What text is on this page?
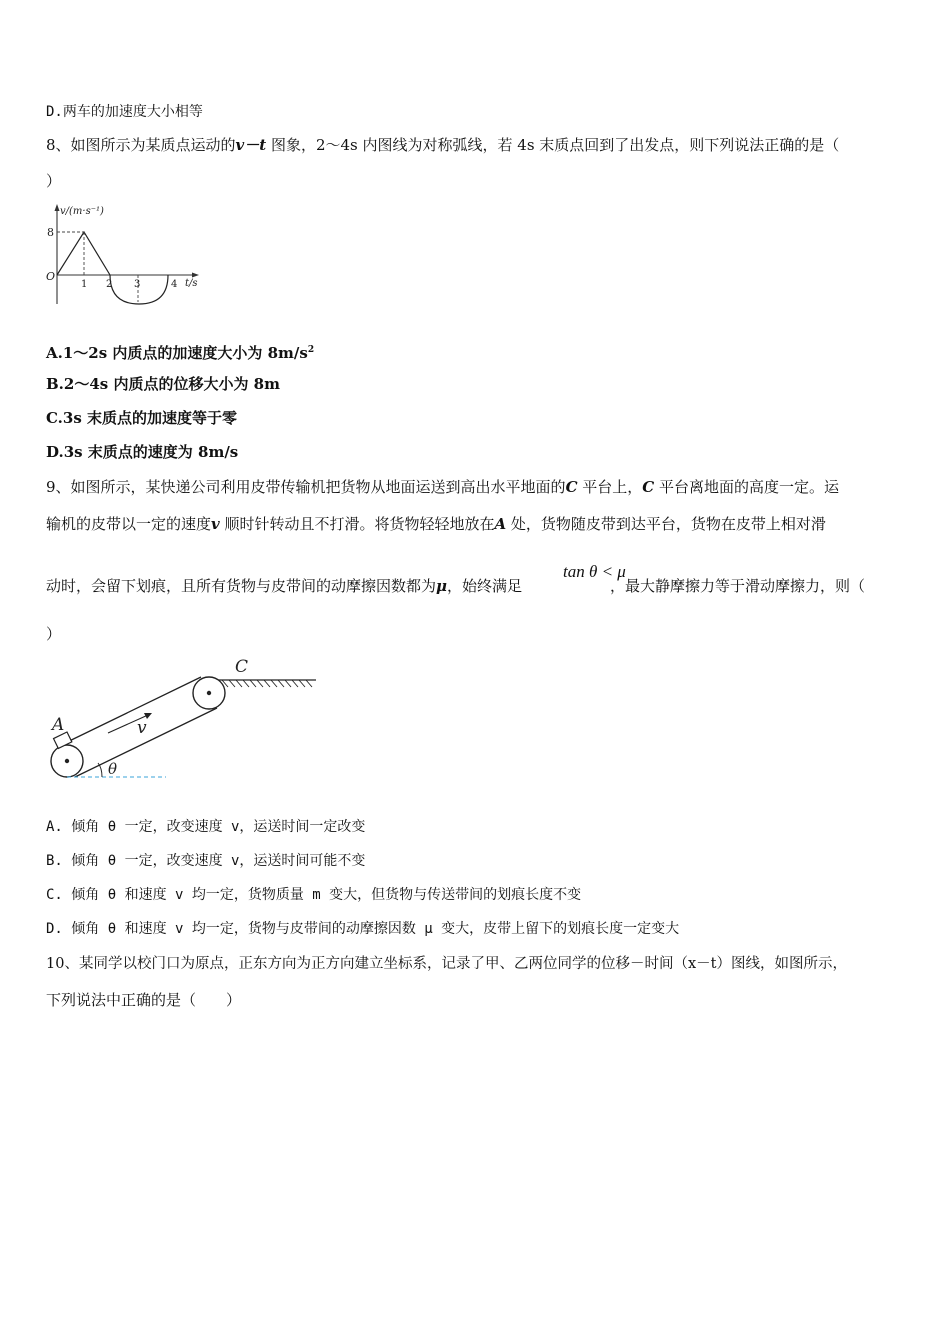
D.两车的加速度大小相等
8、如图所示为某质点运动的v－t 图象，2～4s 内图线为对称弧线，若 4s 末质点回到了出发点，则下列说法正确的是（
）
v/(m·s⁻¹)
8
O
1 2 3	4 t/s
A.1～2s 内质点的加速度大小为 $8m/s^2$
B.2～4s 内质点的位移大小为 8m
C.3s 末质点的加速度等于零
D.3s 末质点的速度为 8m/s
9、如图所示，某快递公司利用皮带传输机把货物从地面运送到高出水平地面的C 平台上，C 平台离地面的高度一定。运
输机的皮带以一定的速度v 顺时针转动且不打滑。将货物轻轻地放在A 处，货物随皮带到达平台，货物在皮带上相对滑
tan θ < μ
动时，会留下划痕，且所有货物与皮带间的动摩擦因数都为μ，始终满足	，最大静摩擦力等于滑动摩擦力，则（
）
C
A	v
θ
A. 倾角 θ 一定，改变速度 v，运送时间一定改变
B. 倾角 θ 一定，改变速度 v，运送时间可能不变
C. 倾角 θ 和速度 v 均一定，货物质量 m 变大，但货物与传送带间的划痕长度不变
D. 倾角 θ 和速度 v 均一定，货物与皮带间的动摩擦因数 μ 变大，皮带上留下的划痕长度一定变大
10、某同学以校门口为原点，正东方向为正方向建立坐标系，记录了甲、乙两位同学的位移－时间（x－t）图线，如图所示，
下列说法中正确的是（　　）
